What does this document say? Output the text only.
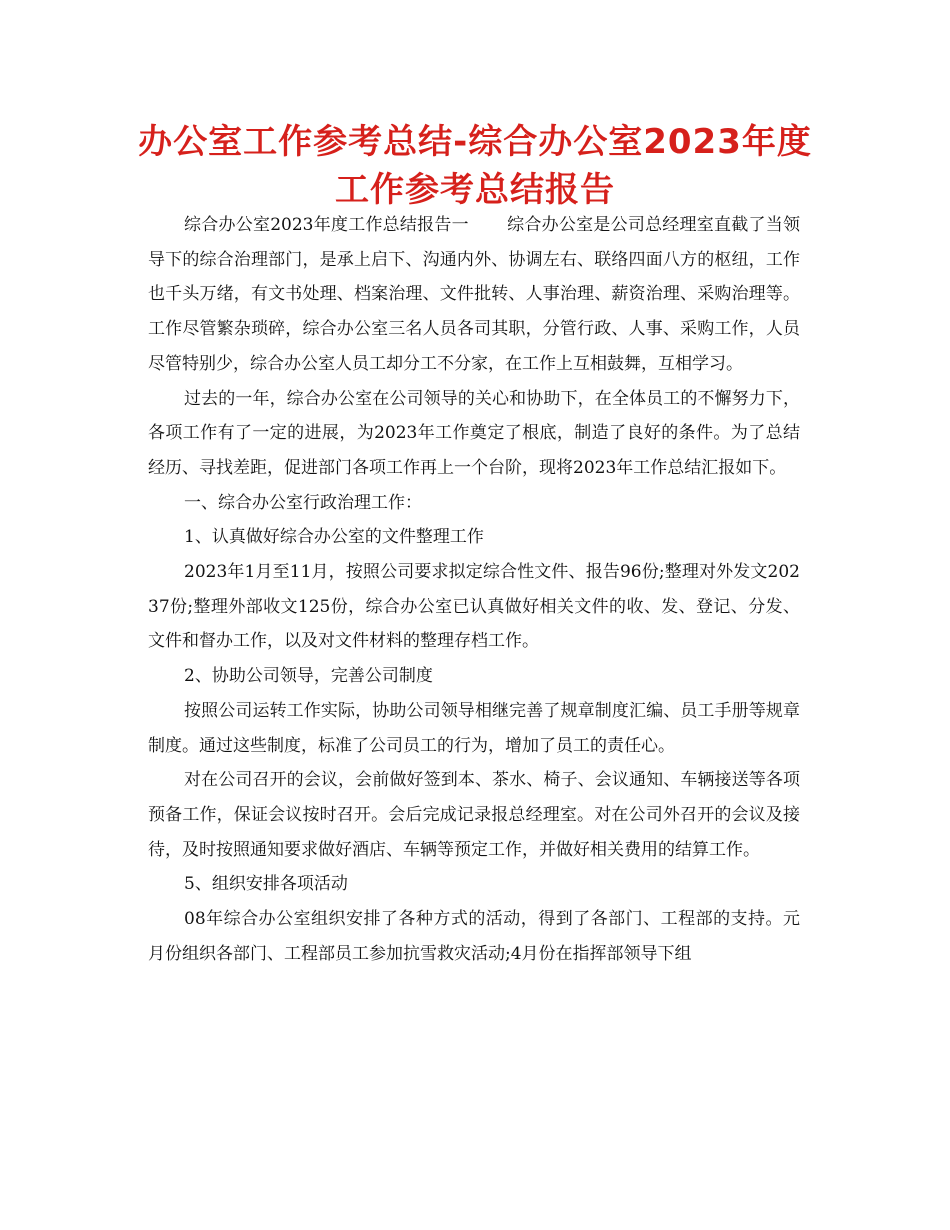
办公室工作参考总结-综合办公室2023年度工作参考总结报告

综合办公室2023年度工作总结报告一 综合办公室是公司总经理室直截了当领导下的综合治理部门，是承上启下、沟通内外、协调左右、联络四面八方的枢纽，工作也千头万绪，有文书处理、档案治理、文件批转、人事治理、薪资治理、采购治理等。工作尽管繁杂琐碎，综合办公室三名人员各司其职，分管行政、人事、采购工作，人员尽管特别少，综合办公室人员工却分工不分家，在工作上互相鼓舞，互相学习。

过去的一年，综合办公室在公司领导的关心和协助下，在全体员工的不懈努力下，各项工作有了一定的进展，为2023年工作奠定了根底，制造了良好的条件。为了总结经历、寻找差距，促进部门各项工作再上一个台阶，现将2023年工作总结汇报如下。

一、综合办公室行政治理工作：

1、认真做好综合办公室的文件整理工作

2023年1月至11月，按照公司要求拟定综合性文件、报告96份;整理对外发文20237份;整理外部收文125份，综合办公室已认真做好相关文件的收、发、登记、分发、文件和督办工作，以及对文件材料的整理存档工作。

2、协助公司领导，完善公司制度

按照公司运转工作实际，协助公司领导相继完善了规章制度汇编、员工手册等规章制度。通过这些制度，标准了公司员工的行为，增加了员工的责任心。

对在公司召开的会议，会前做好签到本、茶水、椅子、会议通知、车辆接送等各项预备工作，保证会议按时召开。会后完成记录报总经理室。对在公司外召开的会议及接待，及时按照通知要求做好酒店、车辆等预定工作，并做好相关费用的结算工作。

5、组织安排各项活动

08年综合办公室组织安排了各种方式的活动，得到了各部门、工程部的支持。元月份组织各部门、工程部员工参加抗雪救灾活动;4月份在指挥部领导下组
